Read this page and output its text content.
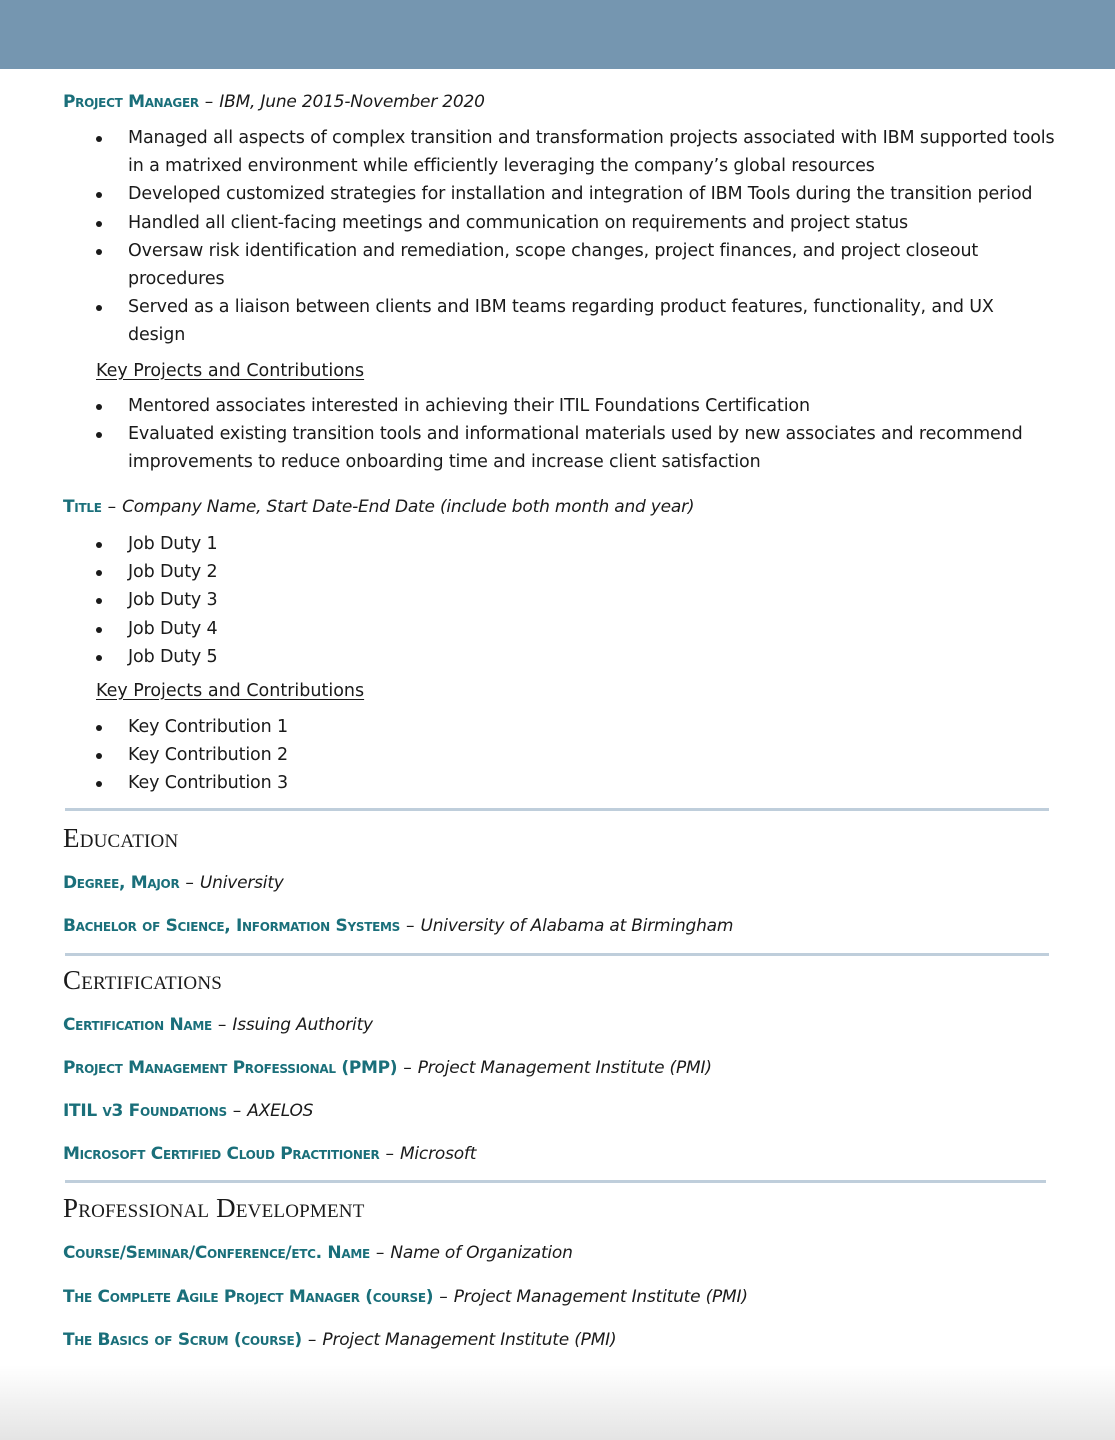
Project Manager – IBM, June 2015-November 2020
Managed all aspects of complex transition and transformation projects associated with IBM supported tools in a matrixed environment while efficiently leveraging the company’s global resources
Developed customized strategies for installation and integration of IBM Tools during the transition period
Handled all client-facing meetings and communication on requirements and project status
Oversaw risk identification and remediation, scope changes, project finances, and project closeout procedures
Served as a liaison between clients and IBM teams regarding product features, functionality, and UX design
Key Projects and Contributions
Mentored associates interested in achieving their ITIL Foundations Certification
Evaluated existing transition tools and informational materials used by new associates and recommend improvements to reduce onboarding time and increase client satisfaction
Title – Company Name, Start Date-End Date (include both month and year)
Job Duty 1
Job Duty 2
Job Duty 3
Job Duty 4
Job Duty 5
Key Projects and Contributions
Key Contribution 1
Key Contribution 2
Key Contribution 3
Education
Degree, Major – University
Bachelor of Science, Information Systems – University of Alabama at Birmingham
Certifications
Certification Name – Issuing Authority
Project Management Professional (PMP) – Project Management Institute (PMI)
ITIL v3 Foundations – AXELOS
Microsoft Certified Cloud Practitioner – Microsoft
Professional Development
Course/Seminar/Conference/etc. Name – Name of Organization
The Complete Agile Project Manager (course) – Project Management Institute (PMI)
The Basics of Scrum (course) – Project Management Institute (PMI)
